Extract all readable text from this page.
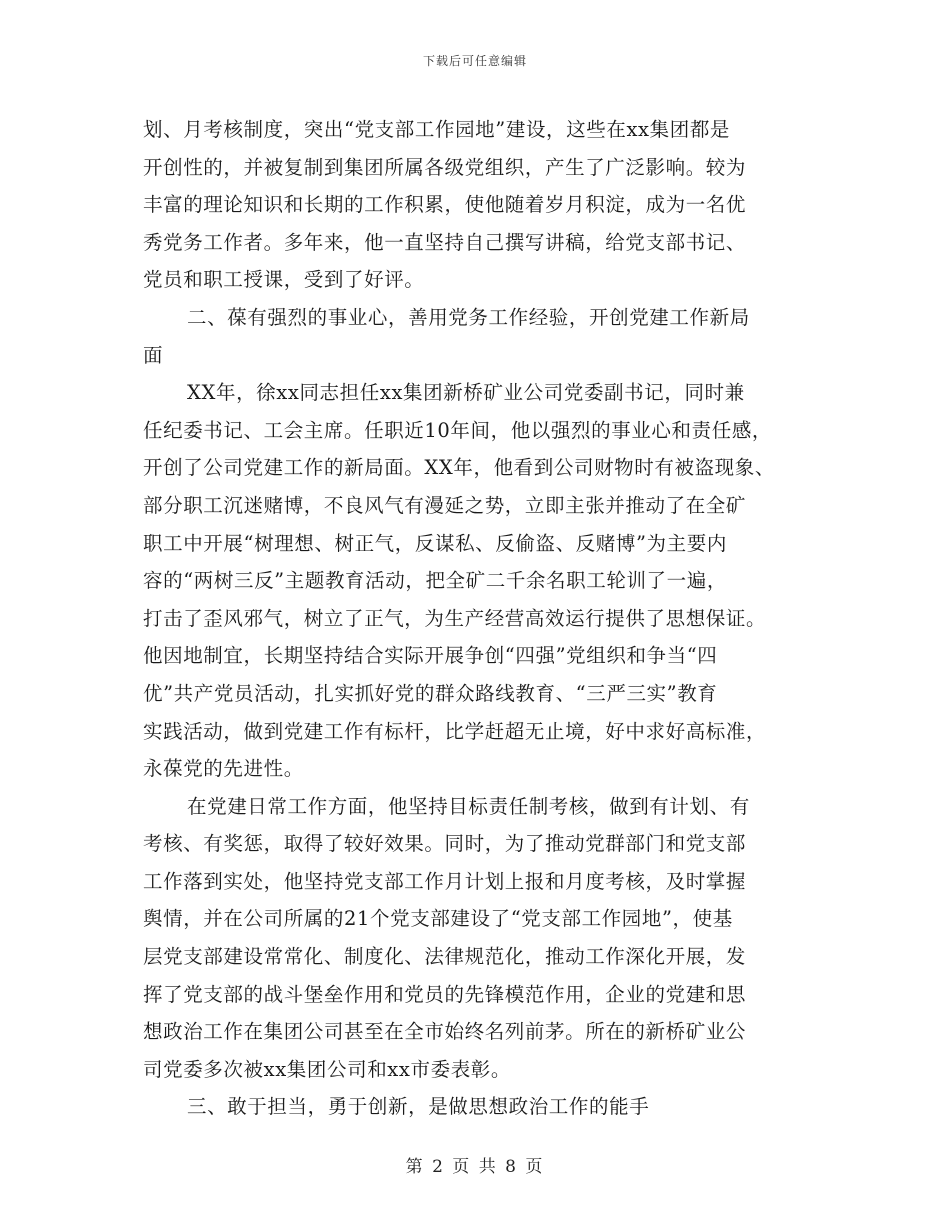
下载后可任意编辑
划、月考核制度，突出“党支部工作园地”建设，这些在xx集团都是
开创性的，并被复制到集团所属各级党组织，产生了广泛影响。较为
丰富的理论知识和长期的工作积累，使他随着岁月积淀，成为一名优
秀党务工作者。多年来，他一直坚持自己撰写讲稿，给党支部书记、
党员和职工授课，受到了好评。
二、葆有强烈的事业心，善用党务工作经验，开创党建工作新局
面
XX年，徐xx同志担任xx集团新桥矿业公司党委副书记，同时兼
任纪委书记、工会主席。任职近10年间，他以强烈的事业心和责任感，
开创了公司党建工作的新局面。XX年，他看到公司财物时有被盗现象、
部分职工沉迷赌博，不良风气有漫延之势，立即主张并推动了在全矿
职工中开展“树理想、树正气，反谋私、反偷盗、反赌博”为主要内
容的“两树三反”主题教育活动，把全矿二千余名职工轮训了一遍，
打击了歪风邪气，树立了正气，为生产经营高效运行提供了思想保证。
他因地制宜，长期坚持结合实际开展争创“四强”党组织和争当“四
优”共产党员活动，扎实抓好党的群众路线教育、“三严三实”教育
实践活动，做到党建工作有标杆，比学赶超无止境，好中求好高标准，
永葆党的先进性。
在党建日常工作方面，他坚持目标责任制考核，做到有计划、有
考核、有奖惩，取得了较好效果。同时，为了推动党群部门和党支部
工作落到实处，他坚持党支部工作月计划上报和月度考核，及时掌握
舆情，并在公司所属的21个党支部建设了“党支部工作园地”，使基
层党支部建设常常化、制度化、法律规范化，推动工作深化开展，发
挥了党支部的战斗堡垒作用和党员的先锋模范作用，企业的党建和思
想政治工作在集团公司甚至在全市始终名列前茅。所在的新桥矿业公
司党委多次被xx集团公司和xx市委表彰。
三、敢于担当，勇于创新，是做思想政治工作的能手
第 2 页 共 8 页
